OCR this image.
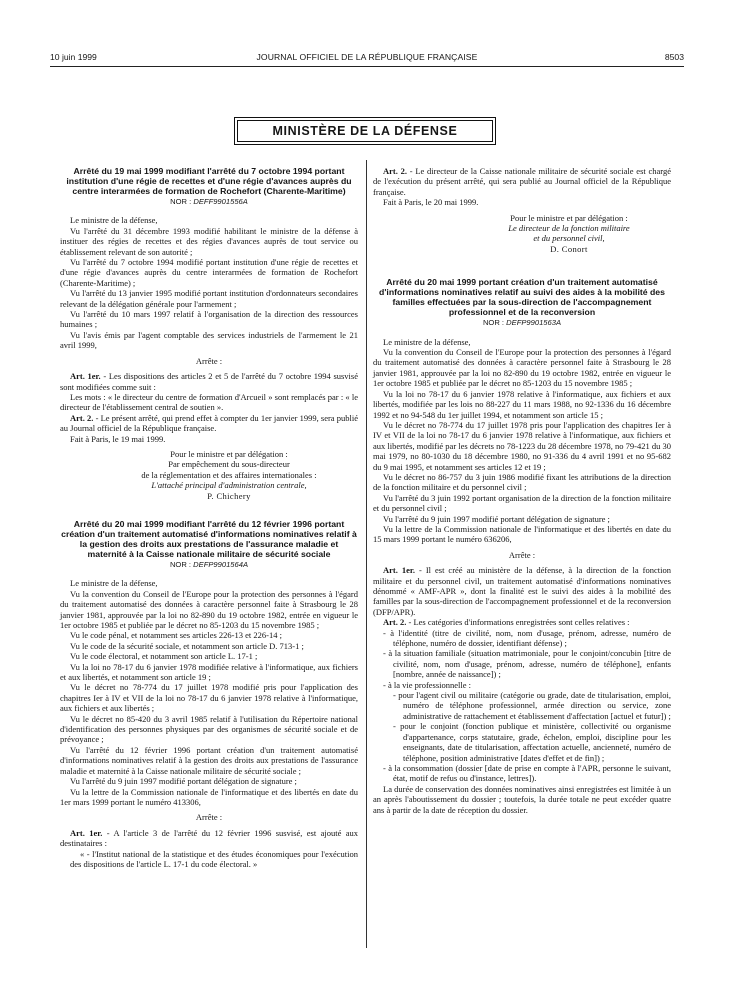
10 juin 1999	JOURNAL OFFICIEL DE LA RÉPUBLIQUE FRANÇAISE	8503
MINISTÈRE DE LA DÉFENSE
Arrêté du 19 mai 1999 modifiant l'arrêté du 7 octobre 1994 portant institution d'une régie de recettes et d'une régie d'avances auprès du centre interarmées de formation de Rochefort (Charente-Maritime)
NOR : DEFF9901556A

Le ministre de la défense,

Vu l'arrêté du 31 décembre 1993 modifié habilitant le ministre de la défense à instituer des régies de recettes et des régies d'avances auprès de tout service ou établissement relevant de son autorité ;

Vu l'arrêté du 7 octobre 1994 modifié portant institution d'une régie de recettes et d'une régie d'avances auprès du centre interarmées de formation de Rochefort (Charente-Maritime) ;

Vu l'arrêté du 13 janvier 1995 modifié portant institution d'ordonnateurs secondaires relevant de la délégation générale pour l'armement ;

Vu l'arrêté du 10 mars 1997 relatif à l'organisation de la direction des ressources humaines ;

Vu l'avis émis par l'agent comptable des services industriels de l'armement le 21 avril 1999,

Arrête :

Art. 1er. - Les dispositions des articles 2 et 5 de l'arrêté du 7 octobre 1994 susvisé sont modifiées comme suit :

Les mots : « le directeur du centre de formation d'Arcueil » sont remplacés par : « le directeur de l'établissement central de soutien ».

Art. 2. - Le présent arrêté, qui prend effet à compter du 1er janvier 1999, sera publié au Journal officiel de la République française.

Fait à Paris, le 19 mai 1999.

Pour le ministre et par délégation :
Par empêchement du sous-directeur
de la réglementation et des affaires internationales :
L'attaché principal d'administration centrale,
P. Chichery
Arrêté du 20 mai 1999 modifiant l'arrêté du 12 février 1996 portant création d'un traitement automatisé d'informations nominatives relatif à la gestion des droits aux prestations de l'assurance maladie et maternité à la Caisse nationale militaire de sécurité sociale
NOR : DEFP9901564A

Le ministre de la défense,

Vu la convention du Conseil de l'Europe pour la protection des personnes à l'égard du traitement automatisé des données à caractère personnel faite à Strasbourg le 28 janvier 1981, approuvée par la loi no 82-890 du 19 octobre 1982, entrée en vigueur le 1er octobre 1985 et publiée par le décret no 85-1203 du 15 novembre 1985 ;

Vu le code pénal, et notamment ses articles 226-13 et 226-14 ;

Vu le code de la sécurité sociale, et notamment son article D. 713-1 ;

Vu le code électoral, et notamment son article L. 17-1 ;

Vu la loi no 78-17 du 6 janvier 1978 modifiée relative à l'informatique, aux fichiers et aux libertés, et notamment son article 19 ;

Vu le décret no 78-774 du 17 juillet 1978 modifié pris pour l'application des chapitres Ier à IV et VII de la loi no 78-17 du 6 janvier 1978 relative à l'informatique, aux fichiers et aux libertés ;

Vu le décret no 85-420 du 3 avril 1985 relatif à l'utilisation du Répertoire national d'identification des personnes physiques par des organismes de sécurité sociale et de prévoyance ;

Vu l'arrêté du 12 février 1996 portant création d'un traitement automatisé d'informations nominatives relatif à la gestion des droits aux prestations de l'assurance maladie et maternité à la Caisse nationale militaire de sécurité sociale ;

Vu l'arrêté du 9 juin 1997 modifié portant délégation de signature ;

Vu la lettre de la Commission nationale de l'informatique et des libertés en date du 1er mars 1999 portant le numéro 413306,

Arrête :

Art. 1er. - A l'article 3 de l'arrêté du 12 février 1996 susvisé, est ajouté aux destinataires :

« - l'Institut national de la statistique et des études économiques pour l'exécution des dispositions de l'article L. 17-1 du code électoral. »

Art. 2. - Le directeur de la Caisse nationale militaire de sécurité sociale est chargé de l'exécution du présent arrêté, qui sera publié au Journal officiel de la République française.

Fait à Paris, le 20 mai 1999.

Pour le ministre et par délégation :
Le directeur de la fonction militaire
et du personnel civil,
D. Conort
Arrêté du 20 mai 1999 portant création d'un traitement automatisé d'informations nominatives relatif au suivi des aides à la mobilité des familles effectuées par la sous-direction de l'accompagnement professionnel et de la reconversion
NOR : DEFP9901563A

Le ministre de la défense,

Vu la convention du Conseil de l'Europe pour la protection des personnes à l'égard du traitement automatisé des données à caractère personnel faite à Strasbourg le 28 janvier 1981, approuvée par la loi no 82-890 du 19 octobre 1982, entrée en vigueur le 1er octobre 1985 et publiée par le décret no 85-1203 du 15 novembre 1985 ;

Vu la loi no 78-17 du 6 janvier 1978 relative à l'informatique, aux fichiers et aux libertés, modifiée par les lois no 88-227 du 11 mars 1988, no 92-1336 du 16 décembre 1992 et no 94-548 du 1er juillet 1994, et notamment son article 15 ;

Vu le décret no 78-774 du 17 juillet 1978 pris pour l'application des chapitres Ier à IV et VII de la loi no 78-17 du 6 janvier 1978 relative à l'informatique, aux fichiers et aux libertés, modifié par les décrets no 78-1223 du 28 décembre 1978, no 79-421 du 30 mai 1979, no 80-1030 du 18 décembre 1980, no 91-336 du 4 avril 1991 et no 95-682 du 9 mai 1995, et notamment ses articles 12 et 19 ;

Vu le décret no 86-757 du 3 juin 1986 modifié fixant les attributions de la direction de la fonction militaire et du personnel civil ;

Vu l'arrêté du 3 juin 1992 portant organisation de la direction de la fonction militaire et du personnel civil ;

Vu l'arrêté du 9 juin 1997 modifié portant délégation de signature ;

Vu la lettre de la Commission nationale de l'informatique et des libertés en date du 15 mars 1999 portant le numéro 636206,

Arrête :

Art. 1er. - Il est créé au ministère de la défense, à la direction de la fonction militaire et du personnel civil, un traitement automatisé d'informations nominatives dénommé « AMF-APR », dont la finalité est le suivi des aides à la mobilité des familles par la sous-direction de l'accompagnement professionnel et de la reconversion (DFP/APR).

Art. 2. - Les catégories d'informations enregistrées sont celles relatives :

- à l'identité (titre de civilité, nom, nom d'usage, prénom, adresse, numéro de téléphone, numéro de dossier, identifiant défense) ;
- à la situation familiale (situation matrimoniale, pour le conjoint/concubin [titre de civilité, nom, nom d'usage, prénom, adresse, numéro de téléphone], enfants [nombre, année de naissance]) ;
- à la vie professionnelle :
- pour l'agent civil ou militaire (catégorie ou grade, date de titularisation, emploi, numéro de téléphone professionnel, armée direction ou service, zone administrative de rattachement et établissement d'affectation [actuel et futur]) ;
- pour le conjoint (fonction publique et ministère, collectivité ou organisme d'appartenance, corps statutaire, grade, échelon, emploi, discipline pour les enseignants, date de titularisation, affectation actuelle, ancienneté, numéro de téléphone, position administrative [dates d'effet et de fin]) ;
- à la consommation (dossier [date de prise en compte à l'APR, personne le suivant, état, motif de refus ou d'instance, lettres]).

La durée de conservation des données nominatives ainsi enregistrées est limitée à un an après l'aboutissement du dossier ; toutefois, la durée totale ne peut excéder quatre ans à partir de la date de réception du dossier.
